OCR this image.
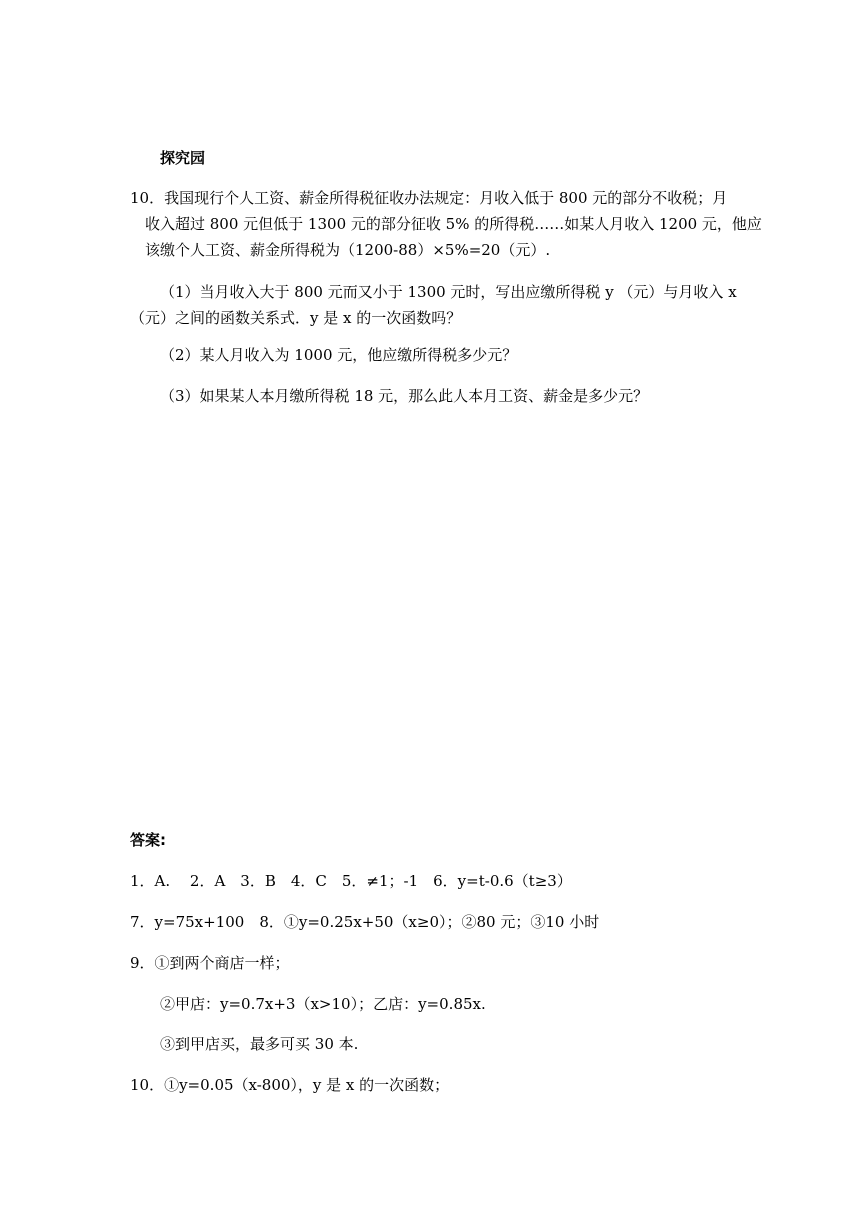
探究园
10．我国现行个人工资、薪金所得税征收办法规定：月收入低于 800 元的部分不收税；月
收入超过 800 元但低于 1300 元的部分征收 5% 的所得税……如某人月收入 1200 元，他应
该缴个人工资、薪金所得税为（1200-88）×5%=20（元）.
（1）当月收入大于 800 元而又小于 1300 元时，写出应缴所得税 y （元）与月收入 x
（元）之间的函数关系式．y 是 x 的一次函数吗？
（2）某人月收入为 1000 元，他应缴所得税多少元？
（3）如果某人本月缴所得税 18 元，那么此人本月工资、薪金是多少元？
答案:
1．A.　 2．A　3．B　4．C　5．≠1；-1　6．y=t-0.6（t≥3）
7．y=75x+100　8．①y=0.25x+50（x≥0）；②80 元；③10 小时
9．①到两个商店一样；
②甲店：y=0.7x+3（x>10）；乙店：y=0.85x.
③到甲店买，最多可买 30 本.
10．①y=0.05（x-800），y 是 x 的一次函数；
